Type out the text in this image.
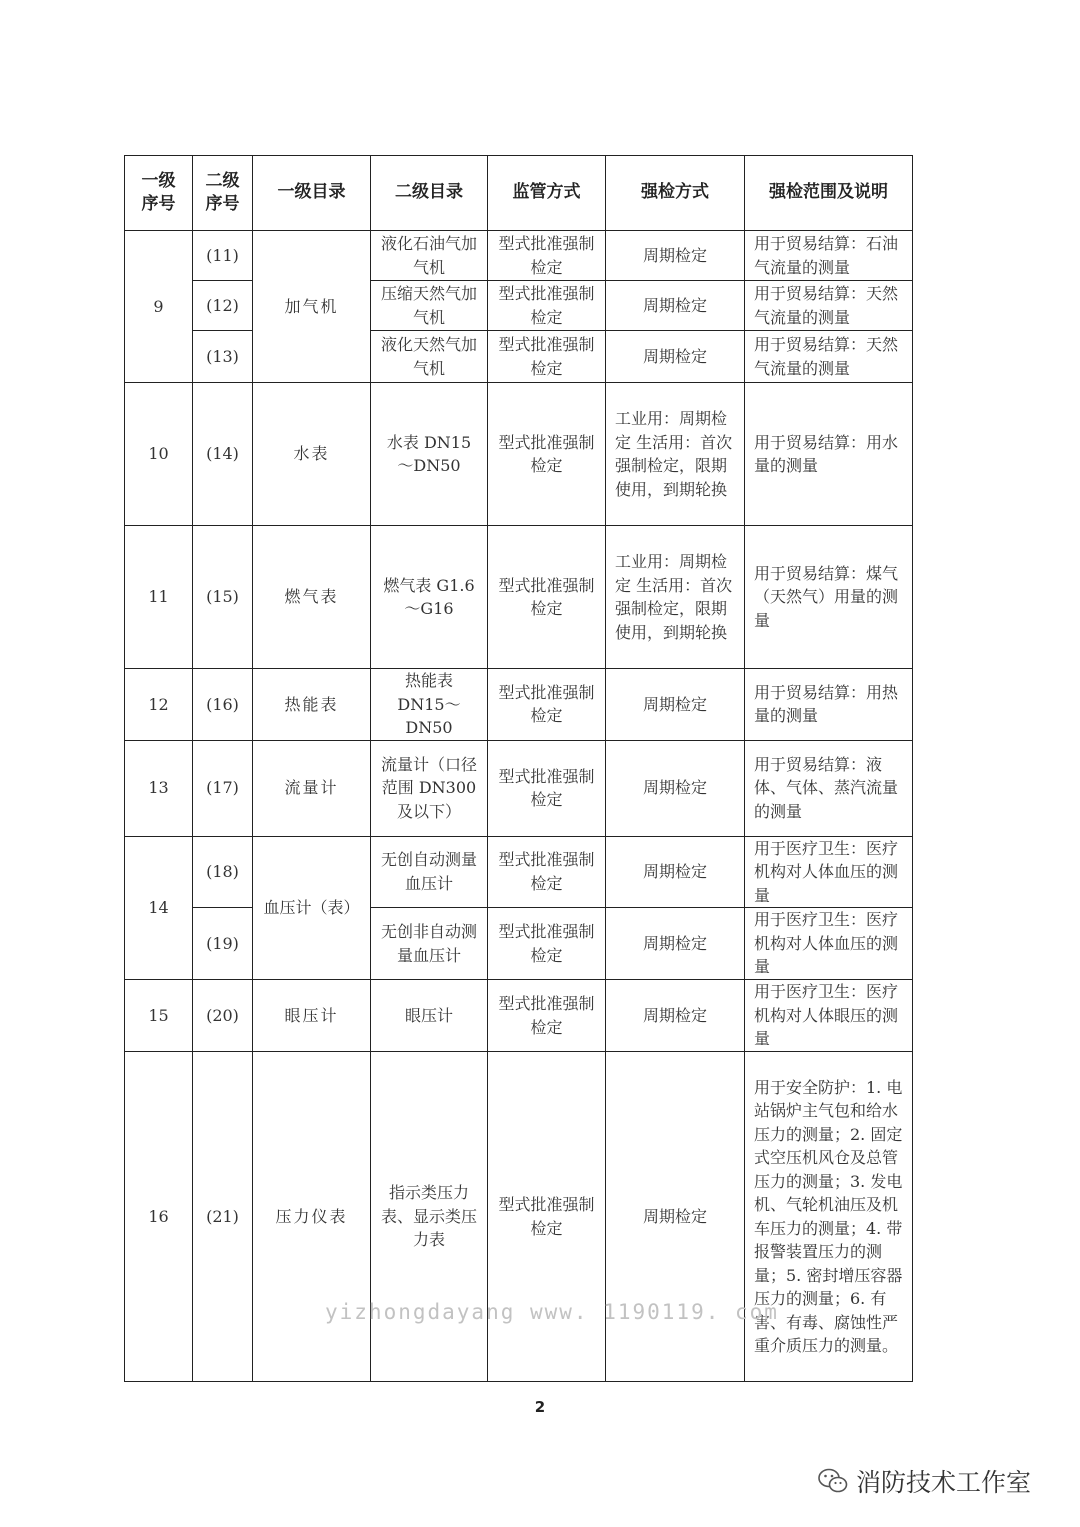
一级序号	二级序号	一级目录	二级目录	监管方式	强检方式	强检范围及说明
9	(11)	加气机	液化石油气加气机	型式批准强制检定	周期检定	用于贸易结算：石油气流量的测量
	(12)		压缩天然气加气机	型式批准强制检定	周期检定	用于贸易结算：天然气流量的测量
	(13)		液化天然气加气机	型式批准强制检定	周期检定	用于贸易结算：天然气流量的测量
10	(14)	水表	水表 DN15～DN50	型式批准强制检定	工业用：周期检定 生活用：首次强制检定，限期使用，到期轮换	用于贸易结算：用水量的测量
11	(15)	燃气表	燃气表 G1.6～G16	型式批准强制检定	工业用：周期检定 生活用：首次强制检定，限期使用，到期轮换	用于贸易结算：煤气（天然气）用量的测量
12	(16)	热能表	热能表 DN15～DN50	型式批准强制检定	周期检定	用于贸易结算：用热量的测量
13	(17)	流量计	流量计（口径范围 DN300 及以下）	型式批准强制检定	周期检定	用于贸易结算：液体、气体、蒸汽流量的测量
14	(18)	血压计（表）	无创自动测量血压计	型式批准强制检定	周期检定	用于医疗卫生：医疗机构对人体血压的测量
	(19)		无创非自动测量血压计	型式批准强制检定	周期检定	用于医疗卫生：医疗机构对人体血压的测量
15	(20)	眼压计	眼压计	型式批准强制检定	周期检定	用于医疗卫生：医疗机构对人体眼压的测量
16	(21)	压力仪表	指示类压力表、显示类压力表	型式批准强制检定	周期检定	用于安全防护：1. 电站锅炉主气包和给水压力的测量；2. 固定式空压机风仓及总管压力的测量；3. 发电机、气轮机油压及机车压力的测量；4. 带报警装置压力的测量；5. 密封增压容器压力的测量；6. 有害、有毒、腐蚀性严重介质压力的测量。
yizhongdayang www. 1190119. com
2
消防技术工作室
